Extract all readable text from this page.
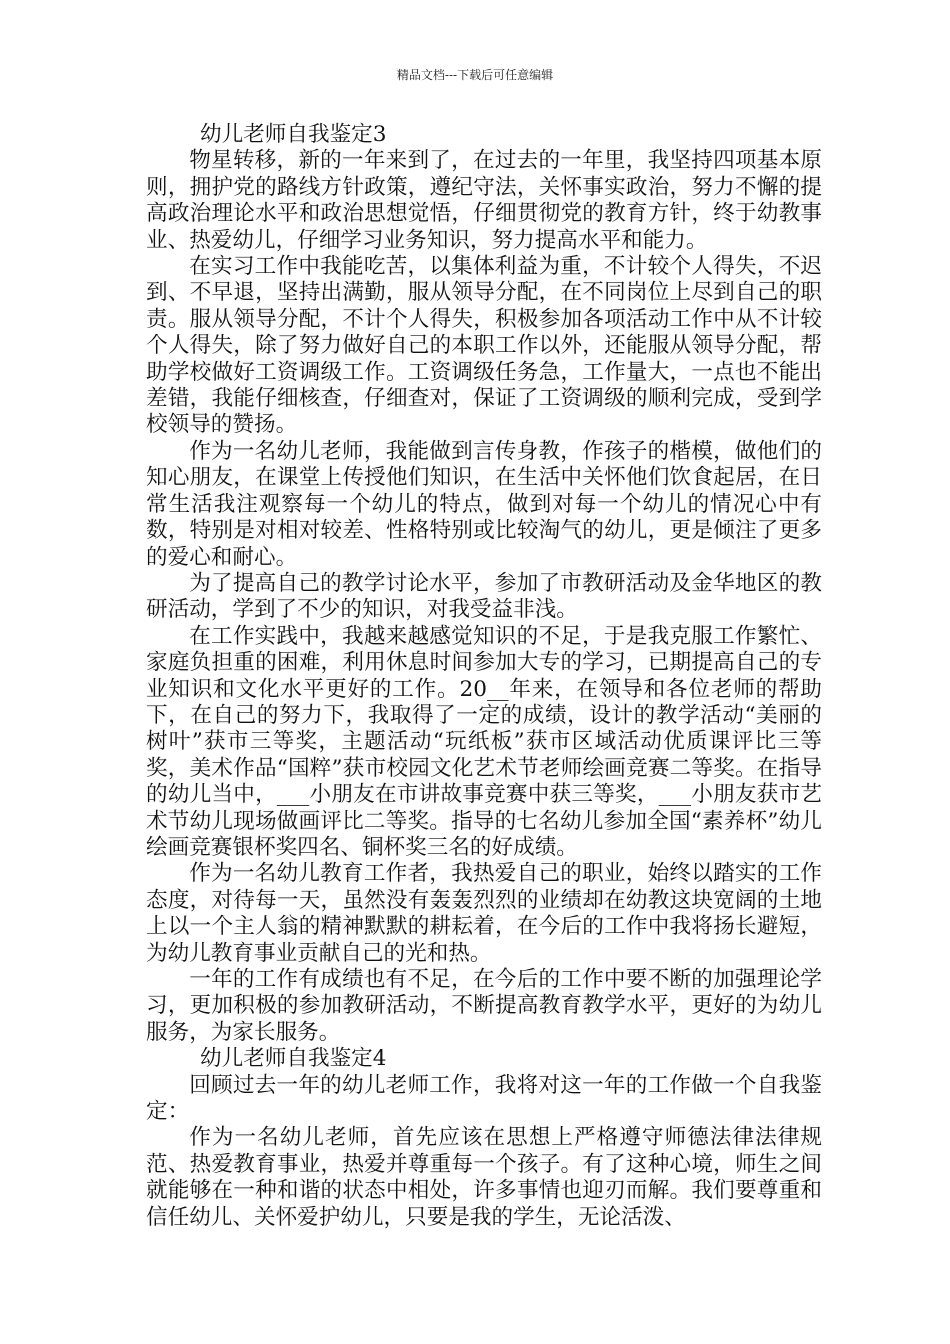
精品文档---下载后可任意编辑

幼儿老师自我鉴定3

物星转移，新的一年来到了，在过去的一年里，我坚持四项基本原则，拥护党的路线方针政策，遵纪守法，关怀事实政治，努力不懈的提高政治理论水平和政治思想觉悟，仔细贯彻党的教育方针，终于幼教事业、热爱幼儿，仔细学习业务知识，努力提高水平和能力。

在实习工作中我能吃苦，以集体利益为重，不计较个人得失，不迟到、不早退，坚持出满勤，服从领导分配，在不同岗位上尽到自己的职责。服从领导分配，不计个人得失，积极参加各项活动工作中从不计较个人得失，除了努力做好自己的本职工作以外，还能服从领导分配，帮助学校做好工资调级工作。工资调级任务急，工作量大，一点也不能出差错，我能仔细核查，仔细查对，保证了工资调级的顺利完成，受到学校领导的赞扬。

作为一名幼儿老师，我能做到言传身教，作孩子的楷模，做他们的知心朋友，在课堂上传授他们知识，在生活中关怀他们饮食起居，在日常生活我注观察每一个幼儿的特点，做到对每一个幼儿的情况心中有数，特别是对相对较差、性格特别或比较淘气的幼儿，更是倾注了更多的爱心和耐心。

为了提高自己的教学讨论水平，参加了市教研活动及金华地区的教研活动，学到了不少的知识，对我受益非浅。

在工作实践中，我越来越感觉知识的不足，于是我克服工作繁忙、家庭负担重的困难，利用休息时间参加大专的学习，已期提高自己的专业知识和文化水平更好的工作。20__年来，在领导和各位老师的帮助下，在自己的努力下，我取得了一定的成绩，设计的教学活动“美丽的树叶”获市三等奖，主题活动“玩纸板”获市区域活动优质课评比三等奖，美术作品“国粹”获市校园文化艺术节老师绘画竞赛二等奖。在指导的幼儿当中，___小朋友在市讲故事竞赛中获三等奖，___小朋友获市艺术节幼儿现场做画评比二等奖。指导的七名幼儿参加全国“素养杯”幼儿绘画竞赛银杯奖四名、铜杯奖三名的好成绩。

作为一名幼儿教育工作者，我热爱自己的职业，始终以踏实的工作态度，对待每一天，虽然没有轰轰烈烈的业绩却在幼教这块宽阔的土地上以一个主人翁的精神默默的耕耘着，在今后的工作中我将扬长避短，为幼儿教育事业贡献自己的光和热。

一年的工作有成绩也有不足，在今后的工作中要不断的加强理论学习，更加积极的参加教研活动，不断提高教育教学水平，更好的为幼儿服务，为家长服务。

幼儿老师自我鉴定4

回顾过去一年的幼儿老师工作，我将对这一年的工作做一个自我鉴定：

作为一名幼儿老师，首先应该在思想上严格遵守师德法律法律规范、热爱教育事业，热爱并尊重每一个孩子。有了这种心境，师生之间就能够在一种和谐的状态中相处，许多事情也迎刃而解。我们要尊重和信任幼儿、关怀爱护幼儿，只要是我的学生，无论活泼、
